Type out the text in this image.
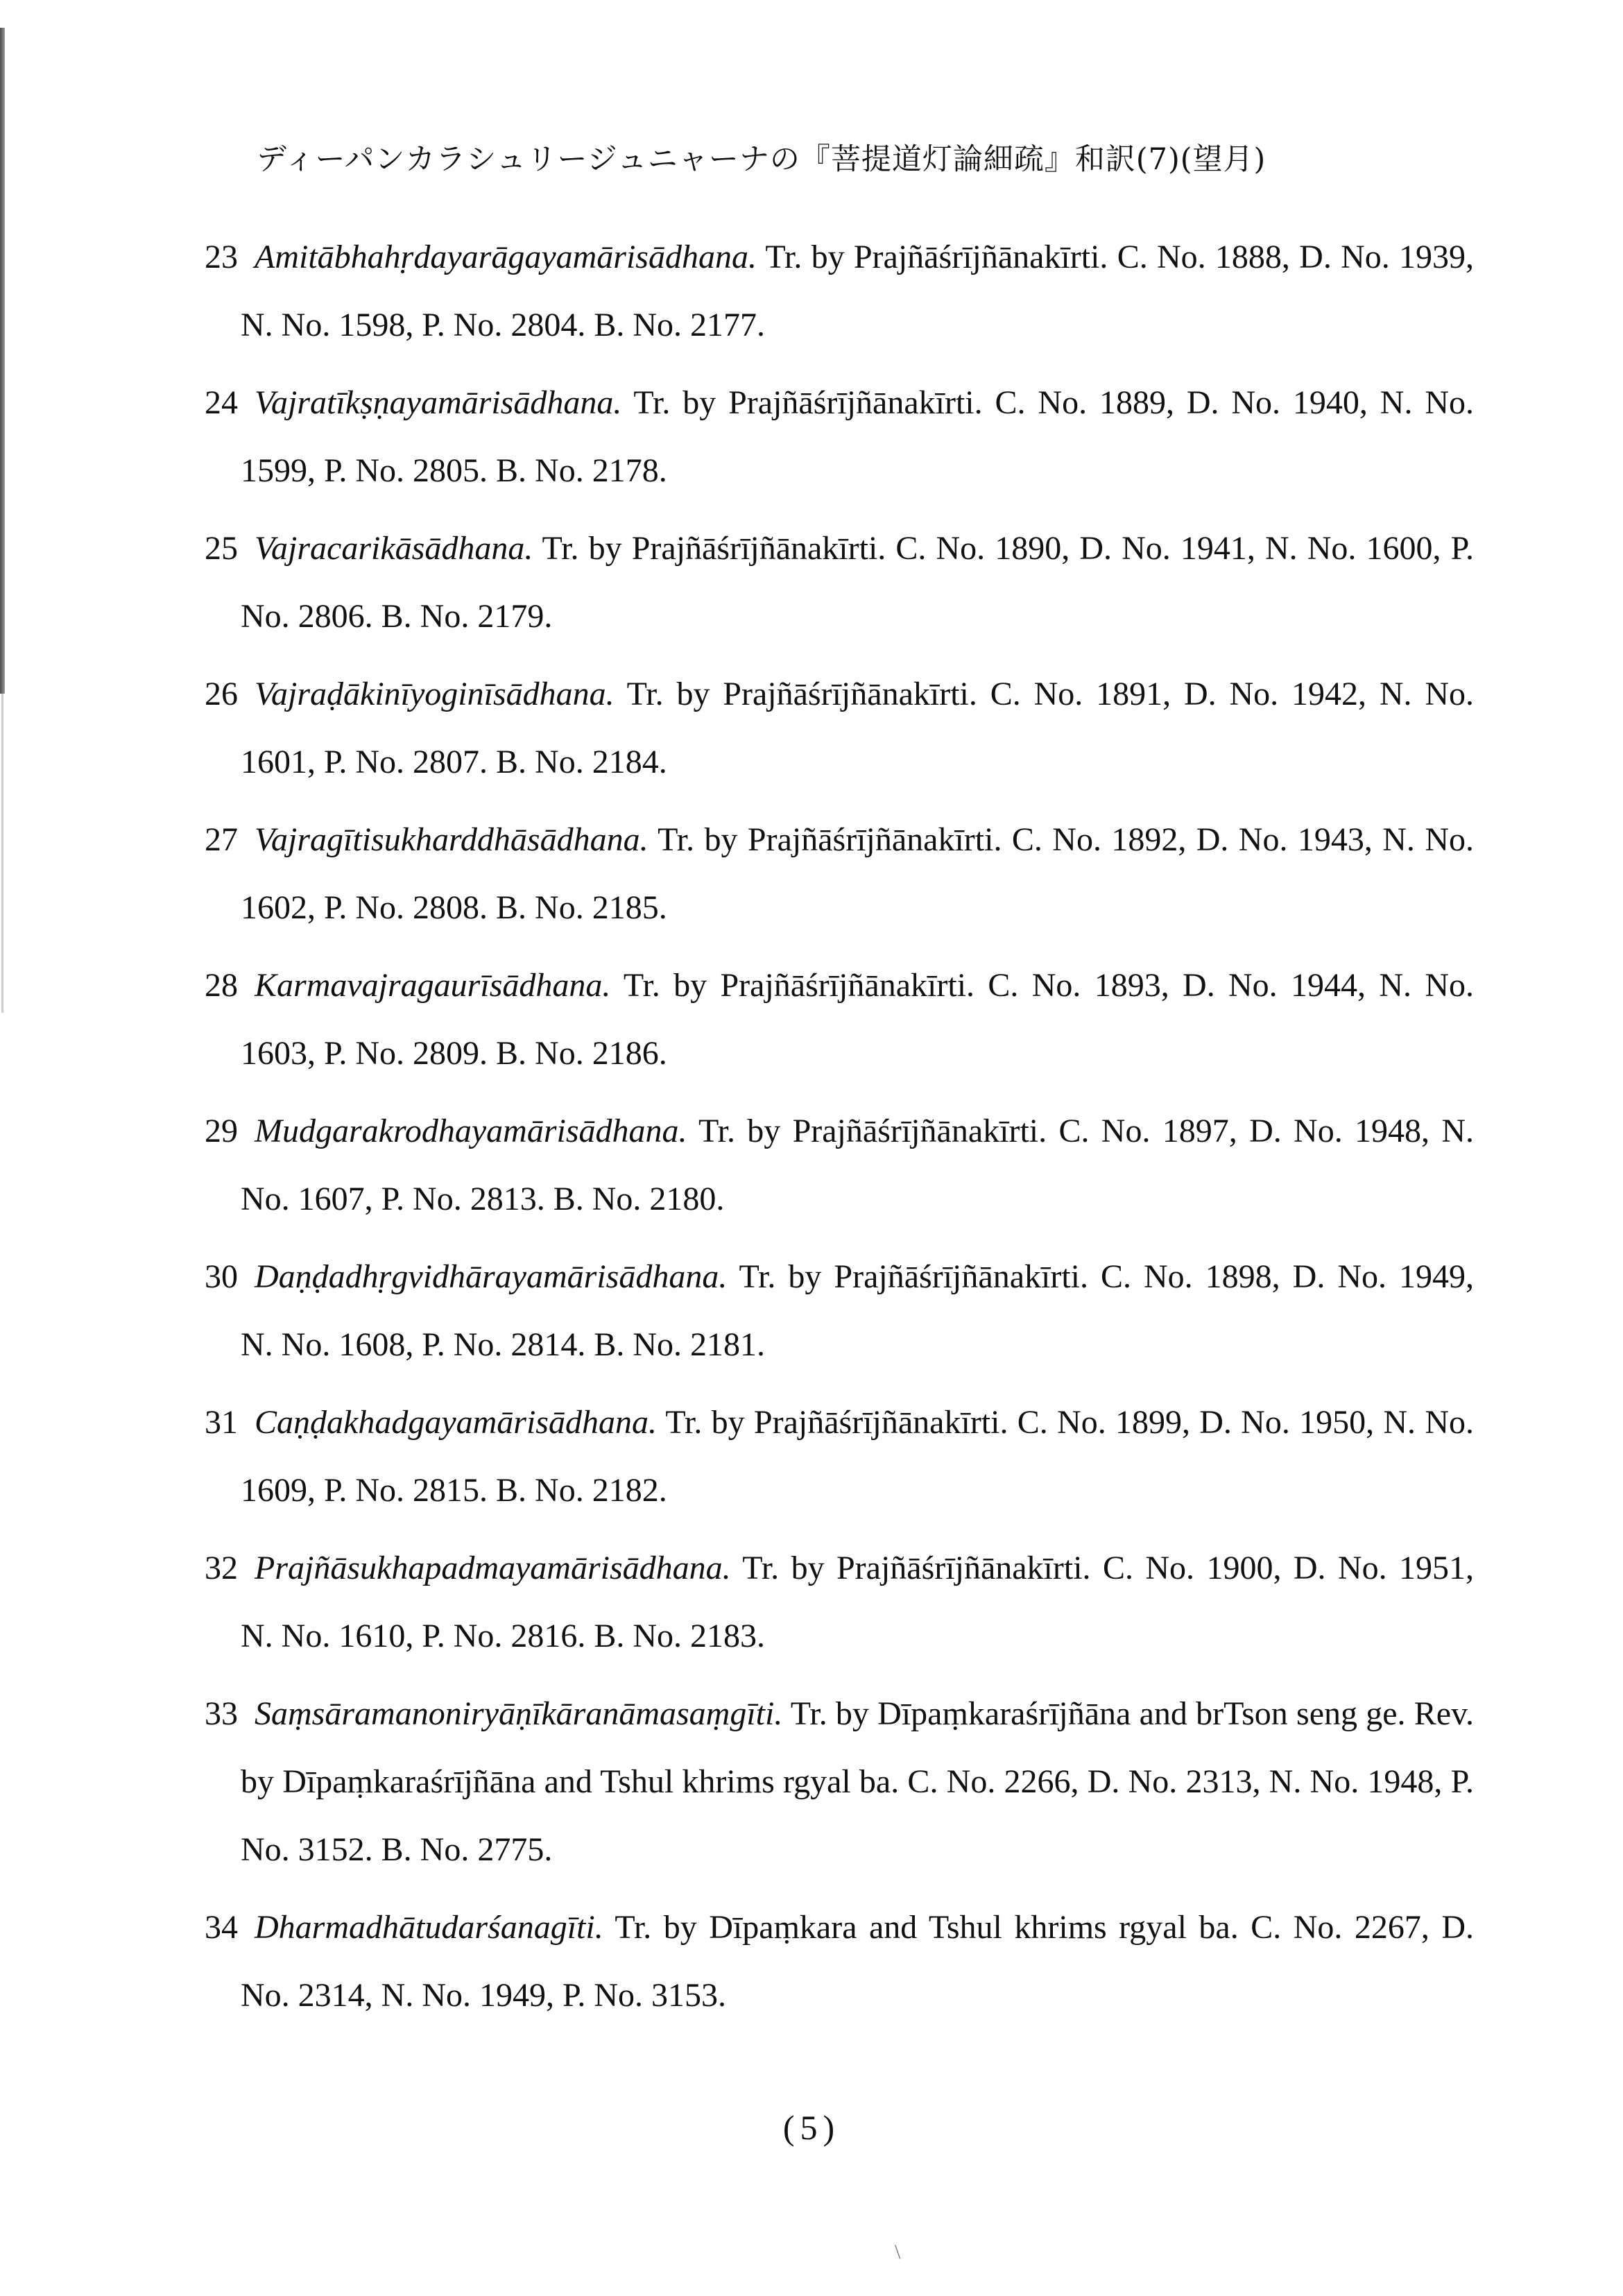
ディーパンカラシュリージュニャーナの『菩提道灯論細疏』和訳(7)(望月)
23 Amitābhahṛdayarāgayamārisādhana. Tr. by Prajñāśrījñānakīrti. C. No. 1888, D. No. 1939, N. No. 1598, P. No. 2804. B. No. 2177.
24 Vajratīkṣṇayamārisādhana. Tr. by Prajñāśrījñānakīrti. C. No. 1889, D. No. 1940, N. No. 1599, P. No. 2805. B. No. 2178.
25 Vajracarikāsādhana. Tr. by Prajñāśrījñānakīrti. C. No. 1890, D. No. 1941, N. No. 1600, P. No. 2806. B. No. 2179.
26 Vajraḍākinīyoginīsādhana. Tr. by Prajñāśrījñānakīrti. C. No. 1891, D. No. 1942, N. No. 1601, P. No. 2807. B. No. 2184.
27 Vajragītisukharddhāsādhana. Tr. by Prajñāśrījñānakīrti. C. No. 1892, D. No. 1943, N. No. 1602, P. No. 2808. B. No. 2185.
28 Karmavajragaurīsādhana. Tr. by Prajñāśrījñānakīrti. C. No. 1893, D. No. 1944, N. No. 1603, P. No. 2809. B. No. 2186.
29 Mudgarakrodhayamārisādhana. Tr. by Prajñāśrījñānakīrti. C. No. 1897, D. No. 1948, N. No. 1607, P. No. 2813. B. No. 2180.
30 Daṇḍadhṛgvidhārayamārisādhana. Tr. by Prajñāśrījñānakīrti. C. No. 1898, D. No. 1949, N. No. 1608, P. No. 2814. B. No. 2181.
31 Caṇḍakhadgayamārisādhana. Tr. by Prajñāśrījñānakīrti. C. No. 1899, D. No. 1950, N. No. 1609, P. No. 2815. B. No. 2182.
32 Prajñāsukhapadmayamārisādhana. Tr. by Prajñāśrījñānakīrti. C. No. 1900, D. No. 1951, N. No. 1610, P. No. 2816. B. No. 2183.
33 Saṃsāramanoniryāṇīkāranāmasaṃgīti. Tr. by Dīpaṃkaraśrījñāna and brTson seng ge. Rev. by Dīpaṃkaraśrījñāna and Tshul khrims rgyal ba. C. No. 2266, D. No. 2313, N. No. 1948, P. No. 3152. B. No. 2775.
34 Dharmadhātudarśanagīti. Tr. by Dīpaṃkara and Tshul khrims rgyal ba. C. No. 2267, D. No. 2314, N. No. 1949, P. No. 3153.
(5)
\
